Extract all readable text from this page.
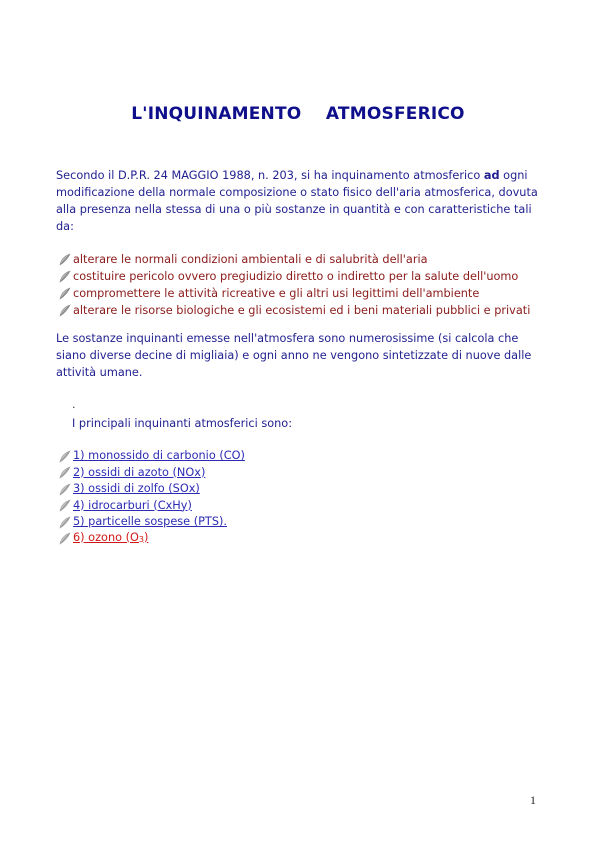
L'INQUINAMENTO    ATMOSFERICO
Secondo il D.P.R. 24 MAGGIO 1988, n. 203, si ha inquinamento atmosferico ad ogni modificazione della normale composizione o stato fisico dell'aria atmosferica, dovuta alla presenza nella stessa di una o più sostanze in quantità e con caratteristiche tali da:
alterare le normali condizioni ambientali e di salubrità dell'aria
costituire pericolo ovvero pregiudizio diretto o indiretto per la salute dell'uomo
compromettere le attività ricreative e gli altri usi legittimi dell'ambiente
alterare le risorse biologiche e gli ecosistemi ed i beni materiali pubblici e privati
Le sostanze inquinanti emesse nell'atmosfera sono numerosissime (si calcola che siano diverse decine di migliaia) e ogni anno ne vengono sintetizzate di nuove dalle attività umane.
.
I principali inquinanti atmosferici sono:
1) monossido di carbonio (CO)
2) ossidi di azoto (NOx)
3) ossidi di zolfo (SOx)
4) idrocarburi (CxHy)
5) particelle sospese (PTS).
6) ozono $(O_3)$
1
